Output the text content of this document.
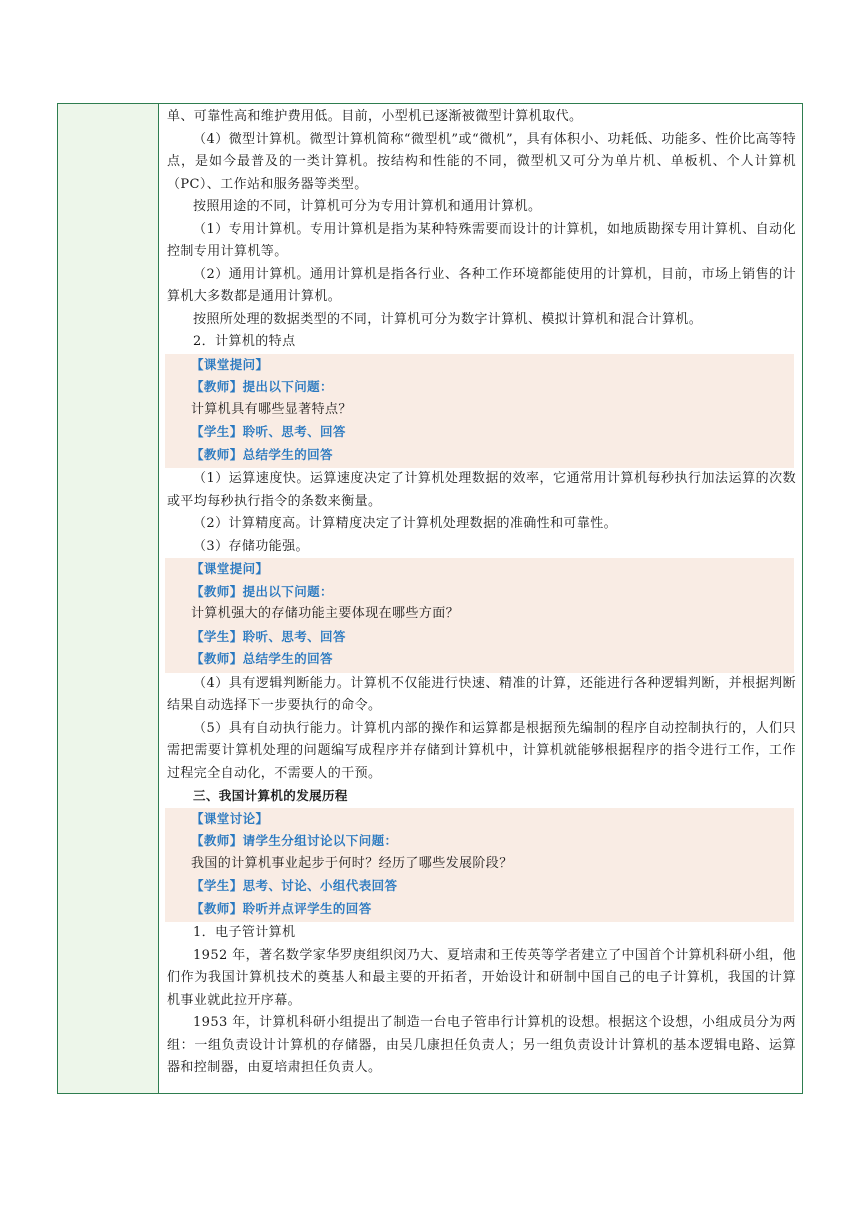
单、可靠性高和维护费用低。目前，小型机已逐渐被微型计算机取代。

（4）微型计算机。微型计算机简称“微型机”或“微机”，具有体积小、功耗低、功能多、性价比高等特点，是如今最普及的一类计算机。按结构和性能的不同，微型机又可分为单片机、单板机、个人计算机（PC）、工作站和服务器等类型。

按照用途的不同，计算机可分为专用计算机和通用计算机。

（1）专用计算机。专用计算机是指为某种特殊需要而设计的计算机，如地质勘探专用计算机、自动化控制专用计算机等。

（2）通用计算机。通用计算机是指各行业、各种工作环境都能使用的计算机，目前，市场上销售的计算机大多数都是通用计算机。

按照所处理的数据类型的不同，计算机可分为数字计算机、模拟计算机和混合计算机。

2．计算机的特点

【课堂提问】

【教师】提出以下问题：

计算机具有哪些显著特点？

【学生】聆听、思考、回答

【教师】总结学生的回答

（1）运算速度快。运算速度决定了计算机处理数据的效率，它通常用计算机每秒执行加法运算的次数或平均每秒执行指令的条数来衡量。

（2）计算精度高。计算精度决定了计算机处理数据的准确性和可靠性。

（3）存储功能强。

【课堂提问】

【教师】提出以下问题：

计算机强大的存储功能主要体现在哪些方面？

【学生】聆听、思考、回答

【教师】总结学生的回答

（4）具有逻辑判断能力。计算机不仅能进行快速、精准的计算，还能进行各种逻辑判断，并根据判断结果自动选择下一步要执行的命令。

（5）具有自动执行能力。计算机内部的操作和运算都是根据预先编制的程序自动控制执行的，人们只需把需要计算机处理的问题编写成程序并存储到计算机中，计算机就能够根据程序的指令进行工作，工作过程完全自动化，不需要人的干预。

三、我国计算机的发展历程

【课堂讨论】

【教师】请学生分组讨论以下问题：

我国的计算机事业起步于何时？经历了哪些发展阶段？

【学生】思考、讨论、小组代表回答

【教师】聆听并点评学生的回答

1．电子管计算机

1952 年，著名数学家华罗庚组织闵乃大、夏培肃和王传英等学者建立了中国首个计算机科研小组，他们作为我国计算机技术的奠基人和最主要的开拓者，开始设计和研制中国自己的电子计算机，我国的计算机事业就此拉开序幕。

1953 年，计算机科研小组提出了制造一台电子管串行计算机的设想。根据这个设想，小组成员分为两组：一组负责设计计算机的存储器，由吴几康担任负责人；另一组负责设计计算机的基本逻辑电路、运算器和控制器，由夏培肃担任负责人。
